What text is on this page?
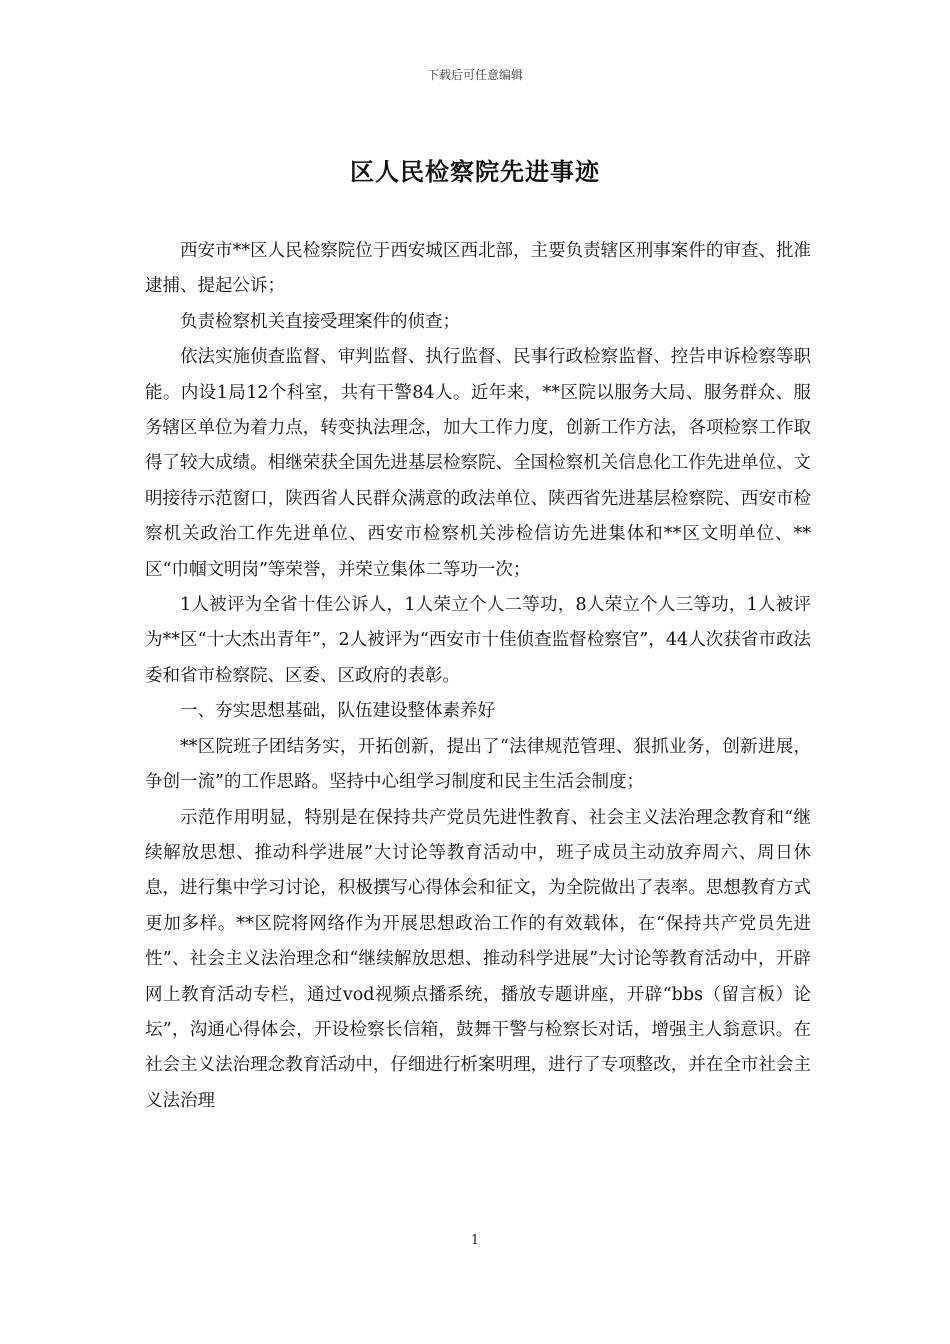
下载后可任意编辑
区人民检察院先进事迹

西安市**区人民检察院位于西安城区西北部，主要负责辖区刑事案件的审查、批准逮捕、提起公诉；

负责检察机关直接受理案件的侦查；

依法实施侦查监督、审判监督、执行监督、民事行政检察监督、控告申诉检察等职能。内设1局12个科室，共有干警84人。近年来，**区院以服务大局、服务群众、服务辖区单位为着力点，转变执法理念，加大工作力度，创新工作方法，各项检察工作取得了较大成绩。相继荣获全国先进基层检察院、全国检察机关信息化工作先进单位、文明接待示范窗口，陕西省人民群众满意的政法单位、陕西省先进基层检察院、西安市检察机关政治工作先进单位、西安市检察机关涉检信访先进集体和**区文明单位、**区“巾帼文明岗”等荣誉，并荣立集体二等功一次；

1人被评为全省十佳公诉人，1人荣立个人二等功，8人荣立个人三等功，1人被评为**区“十大杰出青年”，2人被评为“西安市十佳侦查监督检察官”，44人次获省市政法委和省市检察院、区委、区政府的表彰。

一、夯实思想基础，队伍建设整体素养好

**区院班子团结务实，开拓创新，提出了“法律规范管理、狠抓业务，创新进展，争创一流”的工作思路。坚持中心组学习制度和民主生活会制度；

示范作用明显，特别是在保持共产党员先进性教育、社会主义法治理念教育和“继续解放思想、推动科学进展”大讨论等教育活动中，班子成员主动放弃周六、周日休息，进行集中学习讨论，积极撰写心得体会和征文，为全院做出了表率。思想教育方式更加多样。**区院将网络作为开展思想政治工作的有效载体，在“保持共产党员先进性”、社会主义法治理念和“继续解放思想、推动科学进展”大讨论等教育活动中，开辟网上教育活动专栏，通过vod视频点播系统，播放专题讲座，开辟“bbs（留言板）论坛”，沟通心得体会，开设检察长信箱，鼓舞干警与检察长对话，增强主人翁意识。在社会主义法治理念教育活动中，仔细进行析案明理，进行了专项整改，并在全市社会主义法治理

1
